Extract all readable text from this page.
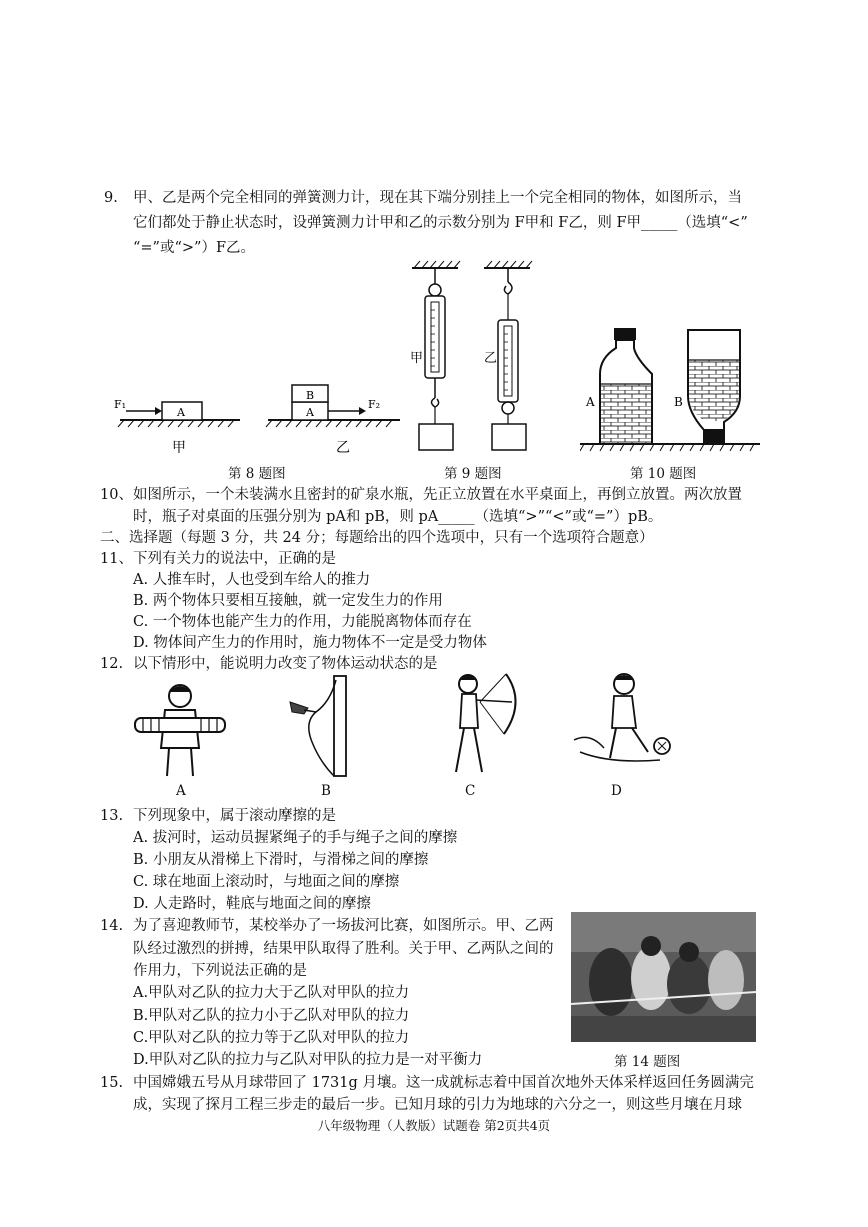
9. 甲、乙是两个完全相同的弹簧测力计，现在其下端分别挂上一个完全相同的物体，如图所示，当
它们都处于静止状态时，设弹簧测力计甲和乙的示数分别为 F甲和 F乙，则 F甲_____（选填“<”
“=”或“>”）F乙。
A
F₁
甲
A
B
F₂
乙
第 8 题图
甲	乙
第 9 题图
A	B
第 10 题图
10、 如图所示，一个未装满水且密封的矿泉水瓶，先正立放置在水平桌面上，再倒立放置。两次放置
时，瓶子对桌面的压强分别为 pA和 pB，则 pA_____（选填“>”“<”或“=”）pB。
二、选择题（每题 3 分，共 24 分；每题给出的四个选项中，只有一个选项符合题意）
11、 下列有关力的说法中，正确的是
A. 人推车时，人也受到车给人的推力
B. 两个物体只要相互接触，就一定发生力的作用
C. 一个物体也能产生力的作用，力能脱离物体而存在
D. 物体间产生力的作用时，施力物体不一定是受力物体
12. 以下情形中，能说明力改变了物体运动状态的是
A	B	C	D
13. 下列现象中，属于滚动摩擦的是
A. 拔河时，运动员握紧绳子的手与绳子之间的摩擦
B. 小朋友从滑梯上下滑时，与滑梯之间的摩擦
C. 球在地面上滚动时，与地面之间的摩擦
D. 人走路时，鞋底与地面之间的摩擦
14. 为了喜迎教师节，某校举办了一场拔河比赛，如图所示。甲、乙两
队经过激烈的拼搏，结果甲队取得了胜利。关于甲、乙两队之间的
作用力，下列说法正确的是
A.甲队对乙队的拉力大于乙队对甲队的拉力
B.甲队对乙队的拉力小于乙队对甲队的拉力
C.甲队对乙队的拉力等于乙队对甲队的拉力
D.甲队对乙队的拉力与乙队对甲队的拉力是一对平衡力	第 14 题图
15. 中国嫦娥五号从月球带回了 1731g 月壤。这一成就标志着中国首次地外天体采样返回任务圆满完
成，实现了探月工程三步走的最后一步。已知月球的引力为地球的六分之一，则这些月壤在月球
八年级物理（人教版）试题卷 第2页共4页
